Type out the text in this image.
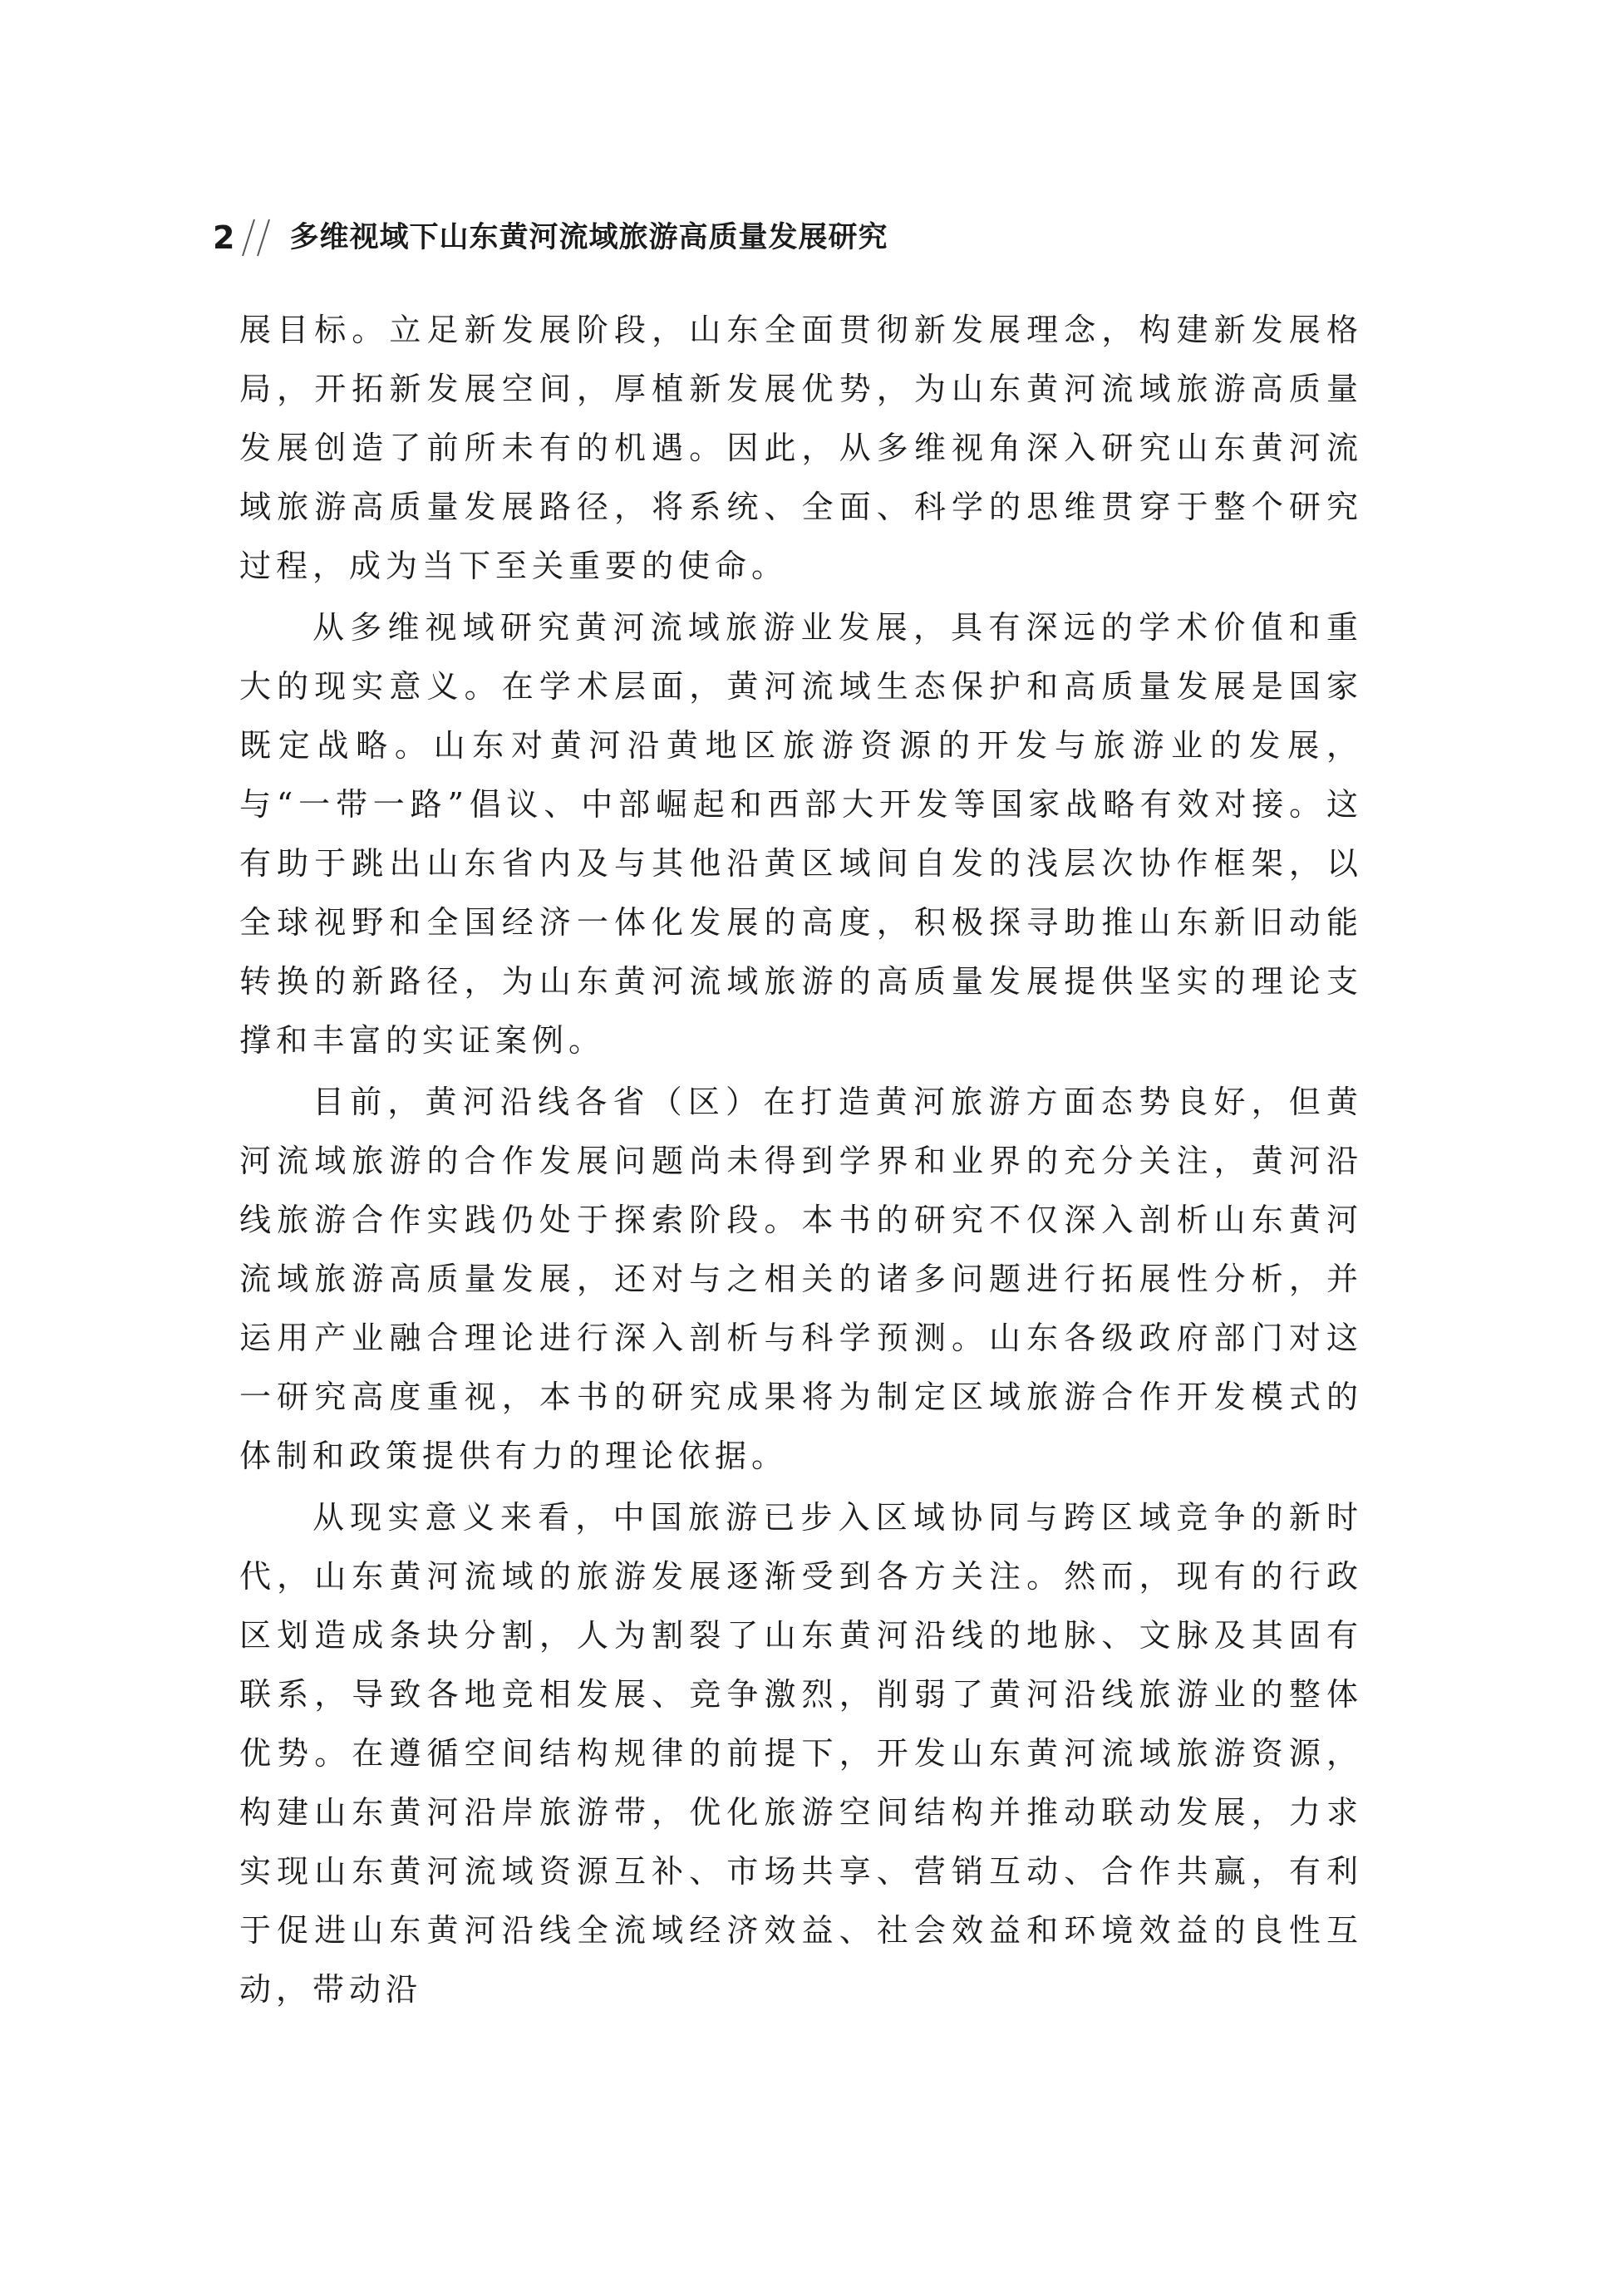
2 多维视域下山东黄河流域旅游高质量发展研究

展目标。立足新发展阶段，山东全面贯彻新发展理念，构建新发展格局，开拓新发展空间，厚植新发展优势，为山东黄河流域旅游高质量发展创造了前所未有的机遇。因此，从多维视角深入研究山东黄河流域旅游高质量发展路径，将系统、全面、科学的思维贯穿于整个研究过程，成为当下至关重要的使命。

从多维视域研究黄河流域旅游业发展，具有深远的学术价值和重大的现实意义。在学术层面，黄河流域生态保护和高质量发展是国家既定战略。山东对黄河沿黄地区旅游资源的开发与旅游业的发展，与“一带一路”倡议、中部崛起和西部大开发等国家战略有效对接。这有助于跳出山东省内及与其他沿黄区域间自发的浅层次协作框架，以全球视野和全国经济一体化发展的高度，积极探寻助推山东新旧动能转换的新路径，为山东黄河流域旅游的高质量发展提供坚实的理论支撑和丰富的实证案例。

目前，黄河沿线各省（区）在打造黄河旅游方面态势良好，但黄河流域旅游的合作发展问题尚未得到学界和业界的充分关注，黄河沿线旅游合作实践仍处于探索阶段。本书的研究不仅深入剖析山东黄河流域旅游高质量发展，还对与之相关的诸多问题进行拓展性分析，并运用产业融合理论进行深入剖析与科学预测。山东各级政府部门对这一研究高度重视，本书的研究成果将为制定区域旅游合作开发模式的体制和政策提供有力的理论依据。

从现实意义来看，中国旅游已步入区域协同与跨区域竞争的新时代，山东黄河流域的旅游发展逐渐受到各方关注。然而，现有的行政区划造成条块分割，人为割裂了山东黄河沿线的地脉、文脉及其固有联系，导致各地竞相发展、竞争激烈，削弱了黄河沿线旅游业的整体优势。在遵循空间结构规律的前提下，开发山东黄河流域旅游资源，构建山东黄河沿岸旅游带，优化旅游空间结构并推动联动发展，力求实现山东黄河流域资源互补、市场共享、营销互动、合作共赢，有利于促进山东黄河沿线全流域经济效益、社会效益和环境效益的良性互动，带动沿
